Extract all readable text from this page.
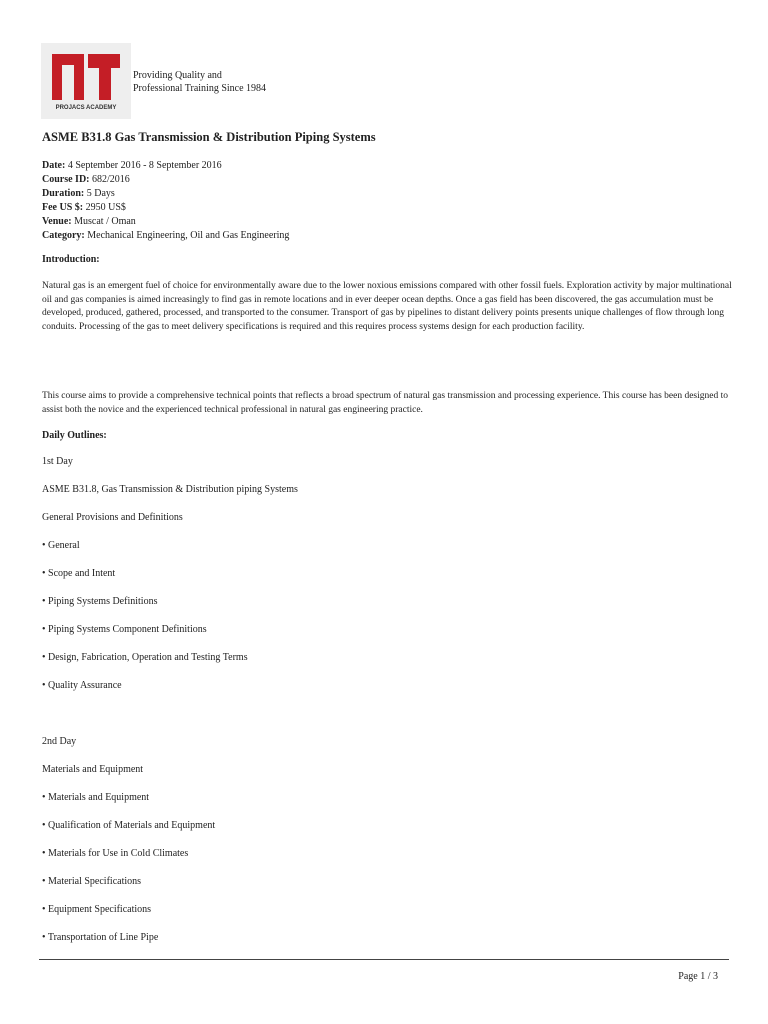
PROJACS ACADEMY
Providing Quality and
Professional Training Since 1984
ASME B31.8 Gas Transmission & Distribution Piping Systems
Date: 4 September 2016 - 8 September 2016
Course ID: 682/2016
Duration: 5 Days
Fee US $: 2950 US$
Venue: Muscat / Oman
Category: Mechanical Engineering, Oil and Gas Engineering
Introduction:

Natural gas is an emergent fuel of choice for environmentally aware due to the lower noxious emissions compared with other fossil fuels. Exploration activity by major multinational oil and gas companies is aimed increasingly to find gas in remote locations and in ever deeper ocean depths. Once a gas field has been discovered, the gas accumulation must be developed, produced, gathered, processed, and transported to the consumer. Transport of gas by pipelines to distant delivery points presents unique challenges of flow through long conduits. Processing of the gas to meet delivery specifications is required and this requires process systems design for each production facility.

This course aims to provide a comprehensive technical points that reflects a broad spectrum of natural gas transmission and processing experience. This course has been designed to assist both the novice and the experienced technical professional in natural gas engineering practice.

Daily Outlines:
1st Day
ASME B31.8, Gas Transmission & Distribution piping Systems
General Provisions and Definitions
• General
• Scope and Intent
• Piping Systems Definitions
• Piping Systems Component Definitions
• Design, Fabrication, Operation and Testing Terms
• Quality Assurance
2nd Day
Materials and Equipment
• Materials and Equipment
• Qualification of Materials and Equipment
• Materials for Use in Cold Climates
• Material Specifications
• Equipment Specifications
• Transportation of Line Pipe
Page 1 / 3
